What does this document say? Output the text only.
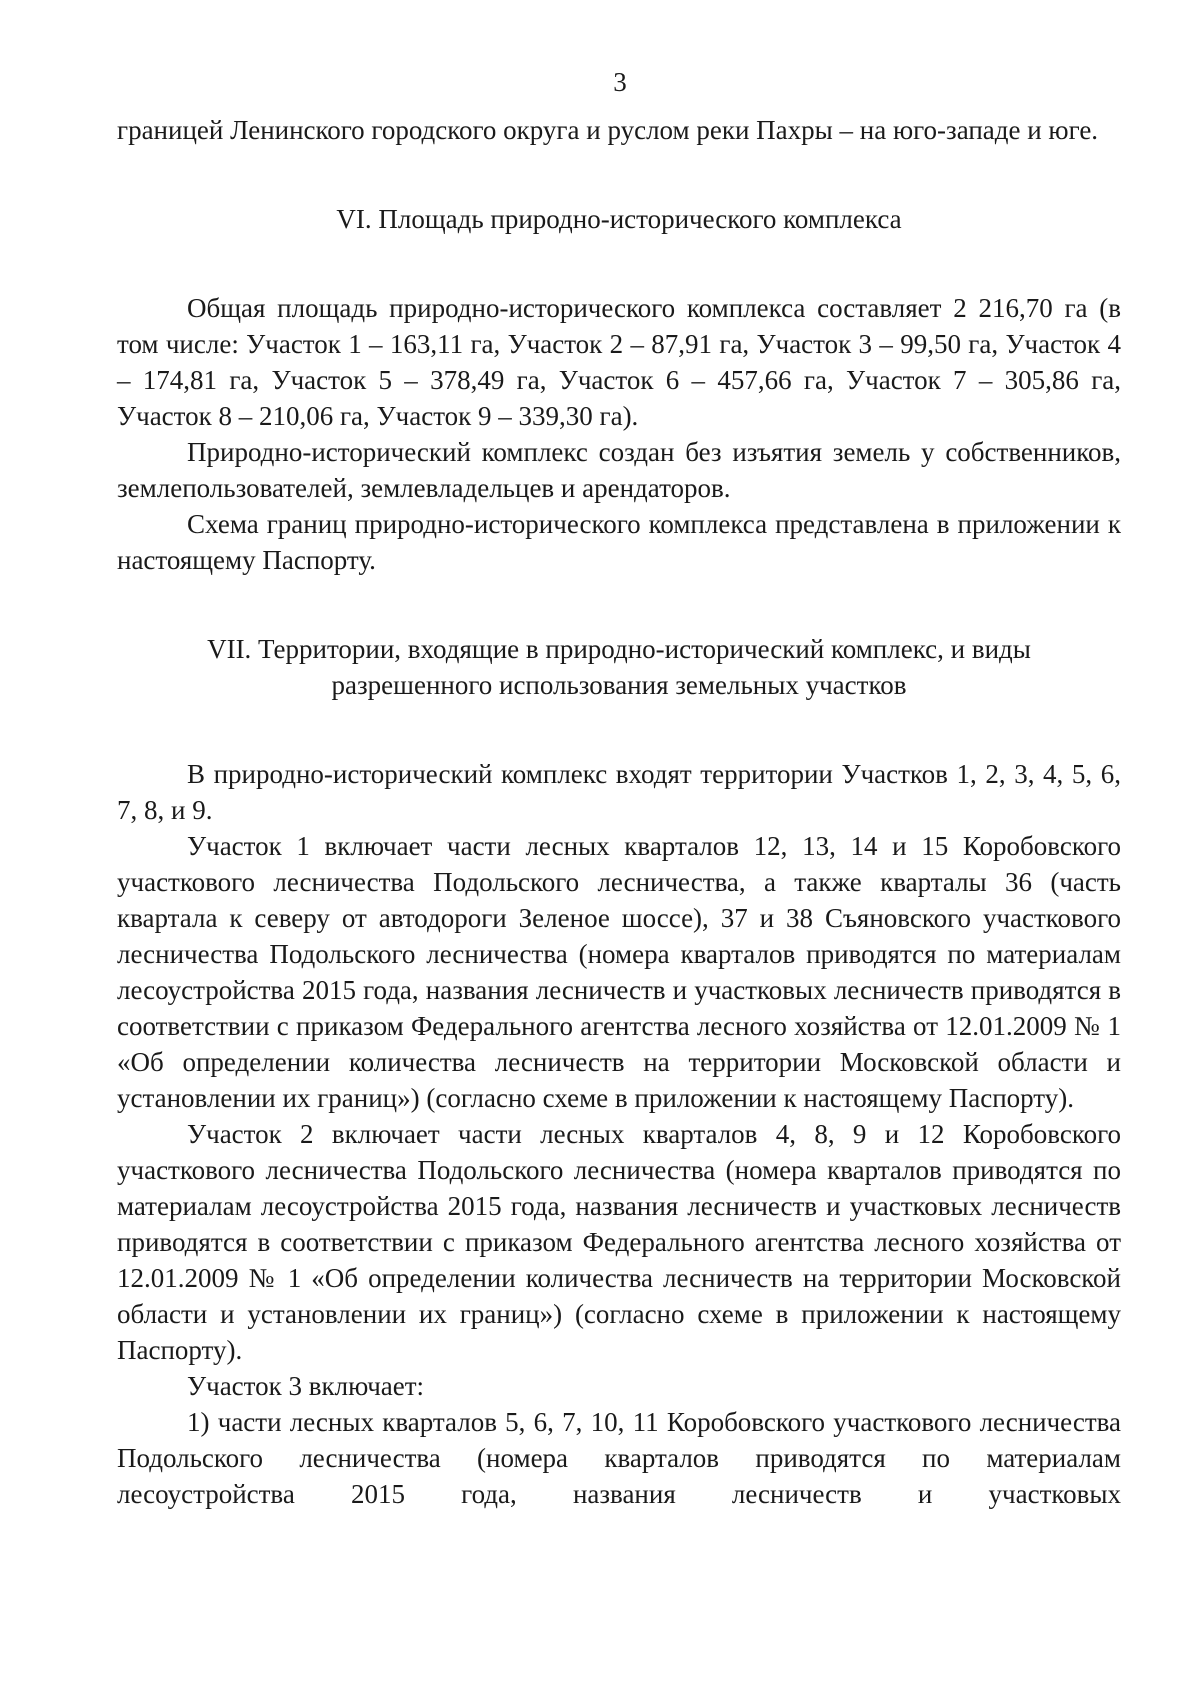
3

границей Ленинского городского округа и руслом реки Пахры – на юго-западе и юге.

VI. Площадь природно-исторического комплекса

Общая площадь природно-исторического комплекса составляет 2 216,70 га (в том числе: Участок 1 – 163,11 га, Участок 2 – 87,91 га, Участок 3 – 99,50 га, Участок 4 – 174,81 га, Участок 5 – 378,49 га, Участок 6 – 457,66 га, Участок 7 – 305,86 га, Участок 8 – 210,06 га, Участок 9 – 339,30 га).

Природно-исторический комплекс создан без изъятия земель у собственников, землепользователей, землевладельцев и арендаторов.

Схема границ природно-исторического комплекса представлена в приложении к настоящему Паспорту.

VII. Территории, входящие в природно-исторический комплекс, и виды

разрешенного использования земельных участков

В природно-исторический комплекс входят территории Участков 1, 2, 3, 4, 5, 6, 7, 8, и 9.

Участок 1 включает части лесных кварталов 12, 13, 14 и 15 Коробовского участкового лесничества Подольского лесничества, а также кварталы 36 (часть квартала к северу от автодороги Зеленое шоссе), 37 и 38 Съяновского участкового лесничества Подольского лесничества (номера кварталов приводятся по материалам лесоустройства 2015 года, названия лесничеств и участковых лесничеств приводятся в соответствии с приказом Федерального агентства лесного хозяйства от 12.01.2009 № 1 «Об определении количества лесничеств на территории Московской области и установлении их границ») (согласно схеме в приложении к настоящему Паспорту).

Участок 2 включает части лесных кварталов 4, 8, 9 и 12 Коробовского участкового лесничества Подольского лесничества (номера кварталов приводятся по материалам лесоустройства 2015 года, названия лесничеств и участковых лесничеств приводятся в соответствии с приказом Федерального агентства лесного хозяйства от 12.01.2009 № 1 «Об определении количества лесничеств на территории Московской области и установлении их границ») (согласно схеме в приложении к настоящему Паспорту).

Участок 3 включает:

1) части лесных кварталов 5, 6, 7, 10, 11 Коробовского участкового лесничества Подольского лесничества (номера кварталов приводятся по материалам лесоустройства 2015 года, названия лесничеств и участковых
